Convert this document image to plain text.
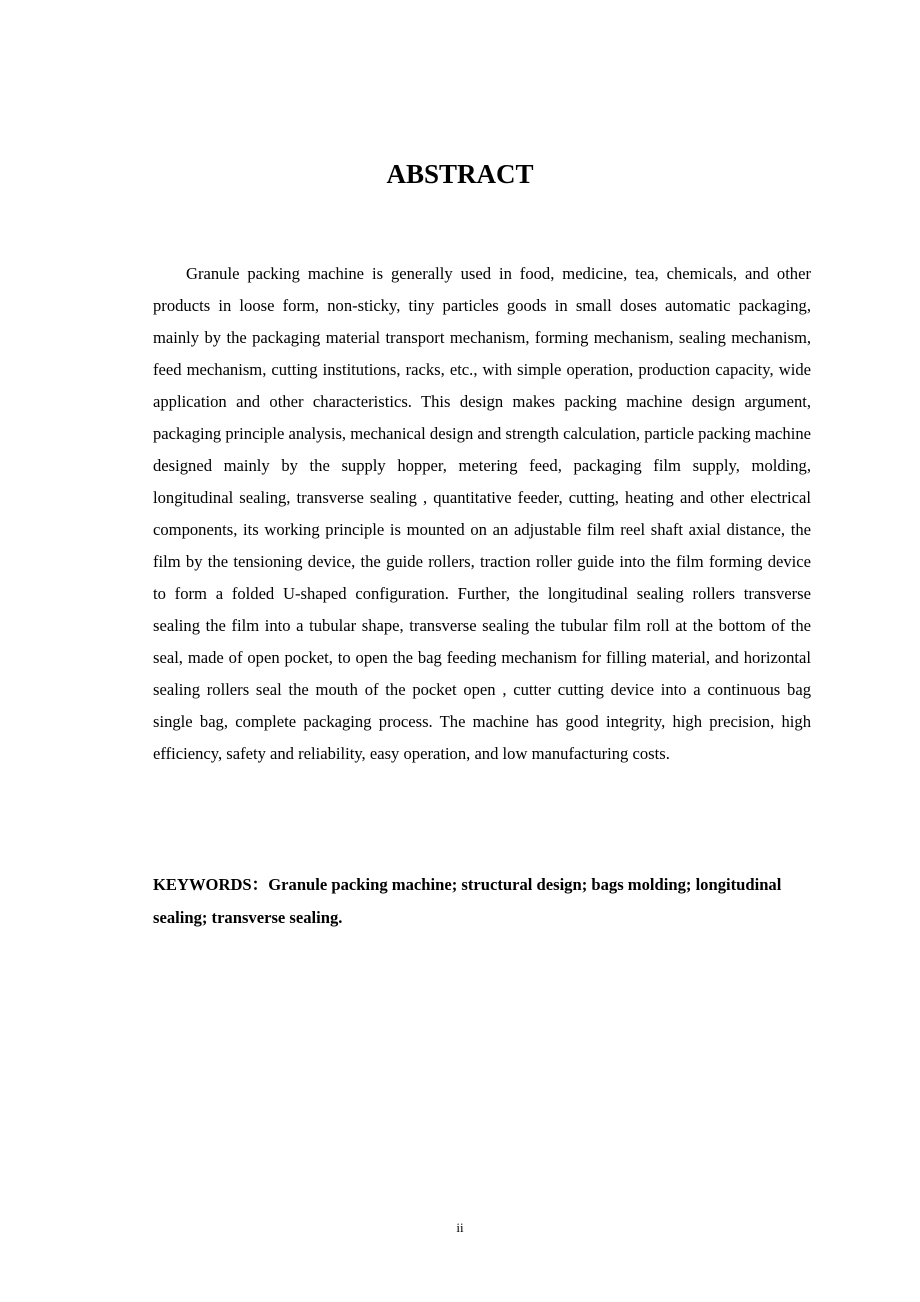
ABSTRACT

Granule packing machine is generally used in food, medicine, tea, chemicals, and other products in loose form, non-sticky, tiny particles goods in small doses automatic packaging, mainly by the packaging material transport mechanism, forming mechanism, sealing mechanism, feed mechanism, cutting institutions, racks, etc., with simple operation, production capacity, wide application and other characteristics. This design makes packing machine design argument, packaging principle analysis, mechanical design and strength calculation, particle packing machine designed mainly by the supply hopper, metering feed, packaging film supply, molding, longitudinal sealing, transverse sealing , quantitative feeder, cutting, heating and other electrical components, its working principle is mounted on an adjustable film reel shaft axial distance, the film by the tensioning device, the guide rollers, traction roller guide into the film forming device to form a folded U-shaped configuration. Further, the longitudinal sealing rollers transverse sealing the film into a tubular shape, transverse sealing the tubular film roll at the bottom of the seal, made of open pocket, to open the bag feeding mechanism for filling material, and horizontal sealing rollers seal the mouth of the pocket open , cutter cutting device into a continuous bag single bag, complete packaging process. The machine has good integrity, high precision, high efficiency, safety and reliability, easy operation, and low manufacturing costs.

KEYWORDS：Granule packing machine; structural design; bags molding; longitudinal sealing; transverse sealing.

ii
